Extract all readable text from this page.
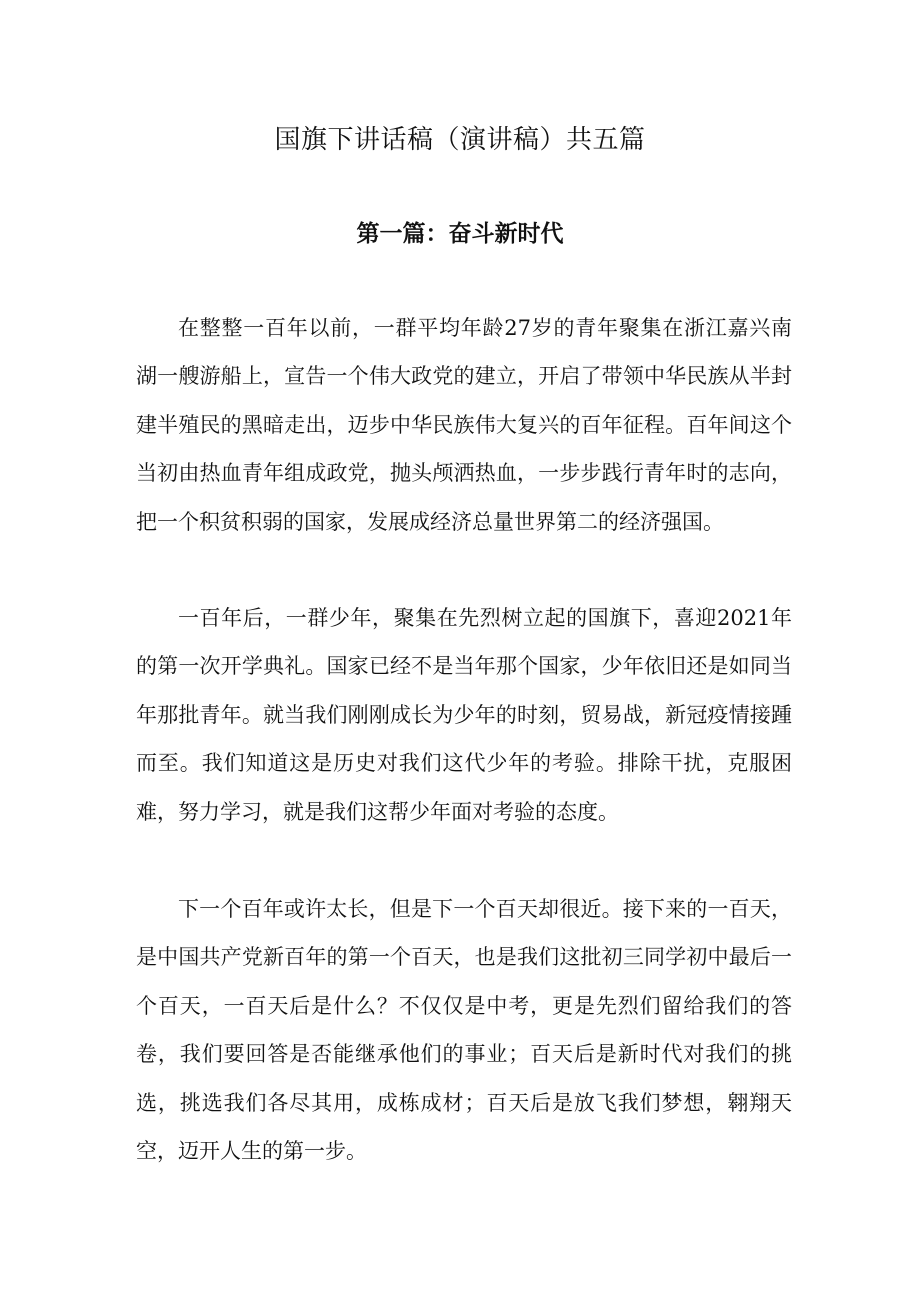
国旗下讲话稿（演讲稿）共五篇
第一篇：奋斗新时代

在整整一百年以前，一群平均年龄27岁的青年聚集在浙江嘉兴南湖一艘游船上，宣告一个伟大政党的建立，开启了带领中华民族从半封建半殖民的黑暗走出，迈步中华民族伟大复兴的百年征程。百年间这个当初由热血青年组成政党，抛头颅洒热血，一步步践行青年时的志向，把一个积贫积弱的国家，发展成经济总量世界第二的经济强国。

一百年后，一群少年，聚集在先烈树立起的国旗下，喜迎2021年的第一次开学典礼。国家已经不是当年那个国家，少年依旧还是如同当年那批青年。就当我们刚刚成长为少年的时刻，贸易战，新冠疫情接踵而至。我们知道这是历史对我们这代少年的考验。排除干扰，克服困难，努力学习，就是我们这帮少年面对考验的态度。

下一个百年或许太长，但是下一个百天却很近。接下来的一百天，是中国共产党新百年的第一个百天，也是我们这批初三同学初中最后一个百天，一百天后是什么？不仅仅是中考，更是先烈们留给我们的答卷，我们要回答是否能继承他们的事业；百天后是新时代对我们的挑选，挑选我们各尽其用，成栋成材；百天后是放飞我们梦想，翱翔天空，迈开人生的第一步。
